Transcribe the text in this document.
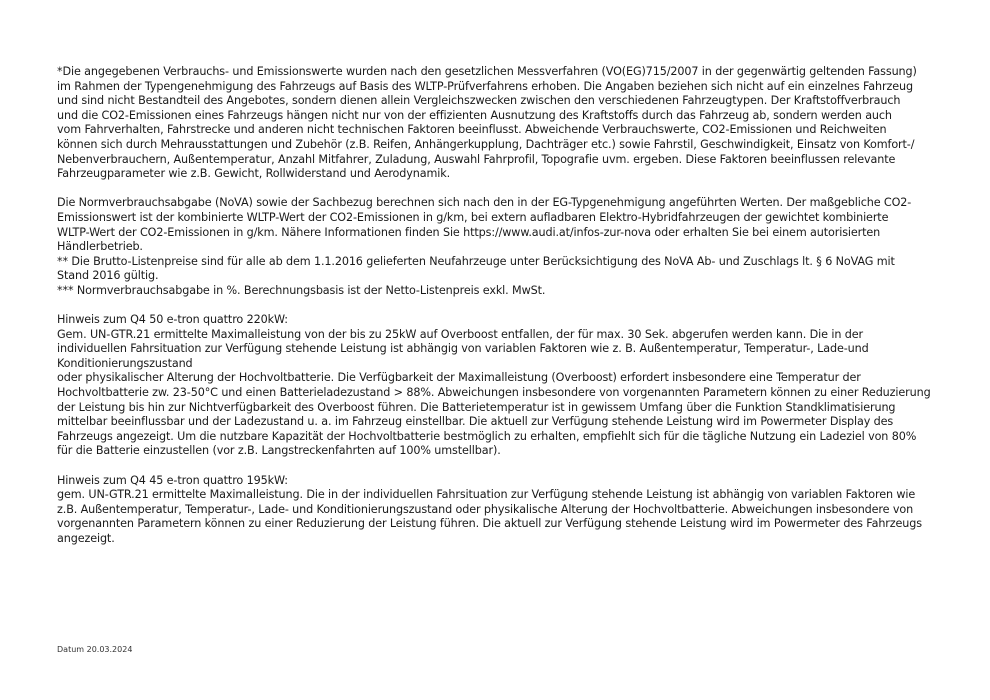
*Die angegebenen Verbrauchs- und Emissionswerte wurden nach den gesetzlichen Messverfahren (VO(EG)715/2007 in der gegenwärtig geltenden Fassung)
im Rahmen der Typengenehmigung des Fahrzeugs auf Basis des WLTP-Prüfverfahrens erhoben. Die Angaben beziehen sich nicht auf ein einzelnes Fahrzeug
und sind nicht Bestandteil des Angebotes, sondern dienen allein Vergleichszwecken zwischen den verschiedenen Fahrzeugtypen. Der Kraftstoffverbrauch
und die CO2-Emissionen eines Fahrzeugs hängen nicht nur von der effizienten Ausnutzung des Kraftstoffs durch das Fahrzeug ab, sondern werden auch
vom Fahrverhalten, Fahrstrecke und anderen nicht technischen Faktoren beeinflusst. Abweichende Verbrauchswerte, CO2-Emissionen und Reichweiten
können sich durch Mehrausstattungen und Zubehör (z.B. Reifen, Anhängerkupplung, Dachträger etc.) sowie Fahrstil, Geschwindigkeit, Einsatz von Komfort-/
Nebenverbrauchern, Außentemperatur, Anzahl Mitfahrer, Zuladung, Auswahl Fahrprofil, Topografie uvm. ergeben. Diese Faktoren beeinflussen relevante
Fahrzeugparameter wie z.B. Gewicht, Rollwiderstand und Aerodynamik.
Die Normverbrauchsabgabe (NoVA) sowie der Sachbezug berechnen sich nach den in der EG-Typgenehmigung angeführten Werten. Der maßgebliche CO2-
Emissionswert ist der kombinierte WLTP-Wert der CO2-Emissionen in g/km, bei extern aufladbaren Elektro-Hybridfahrzeugen der gewichtet kombinierte
WLTP-Wert der CO2-Emissionen in g/km. Nähere Informationen finden Sie https://www.audi.at/infos-zur-nova oder erhalten Sie bei einem autorisierten
Händlerbetrieb.
** Die Brutto-Listenpreise sind für alle ab dem 1.1.2016 gelieferten Neufahrzeuge unter Berücksichtigung des NoVA Ab- und Zuschlags lt. § 6 NoVAG mit
Stand 2016 gültig.
*** Normverbrauchsabgabe in %. Berechnungsbasis ist der Netto-Listenpreis exkl. MwSt.
Hinweis zum Q4 50 e-tron quattro 220kW:
Gem. UN-GTR.21 ermittelte Maximalleistung von der bis zu 25kW auf Overboost entfallen, der für max. 30 Sek. abgerufen werden kann. Die in der
individuellen Fahrsituation zur Verfügung stehende Leistung ist abhängig von variablen Faktoren wie z. B. Außentemperatur, Temperatur-, Lade-und
Konditionierungszustand
oder physikalischer Alterung der Hochvoltbatterie. Die Verfügbarkeit der Maximalleistung (Overboost) erfordert insbesondere eine Temperatur der
Hochvoltbatterie zw. 23-50°C und einen Batterieladezustand > 88%. Abweichungen insbesondere von vorgenannten Parametern können zu einer Reduzierung
der Leistung bis hin zur Nichtverfügbarkeit des Overboost führen. Die Batterietemperatur ist in gewissem Umfang über die Funktion Standklimatisierung
mittelbar beeinflussbar und der Ladezustand u. a. im Fahrzeug einstellbar. Die aktuell zur Verfügung stehende Leistung wird im Powermeter Display des
Fahrzeugs angezeigt. Um die nutzbare Kapazität der Hochvoltbatterie bestmöglich zu erhalten, empfiehlt sich für die tägliche Nutzung ein Ladeziel von 80%
für die Batterie einzustellen (vor z.B. Langstreckenfahrten auf 100% umstellbar).
Hinweis zum Q4 45 e-tron quattro 195kW:
gem. UN-GTR.21 ermittelte Maximalleistung. Die in der individuellen Fahrsituation zur Verfügung stehende Leistung ist abhängig von variablen Faktoren wie
z.B. Außentemperatur, Temperatur-, Lade- und Konditionierungszustand oder physikalische Alterung der Hochvoltbatterie. Abweichungen insbesondere von
vorgenannten Parametern können zu einer Reduzierung der Leistung führen. Die aktuell zur Verfügung stehende Leistung wird im Powermeter des Fahrzeugs
angezeigt.
Datum 20.03.2024
